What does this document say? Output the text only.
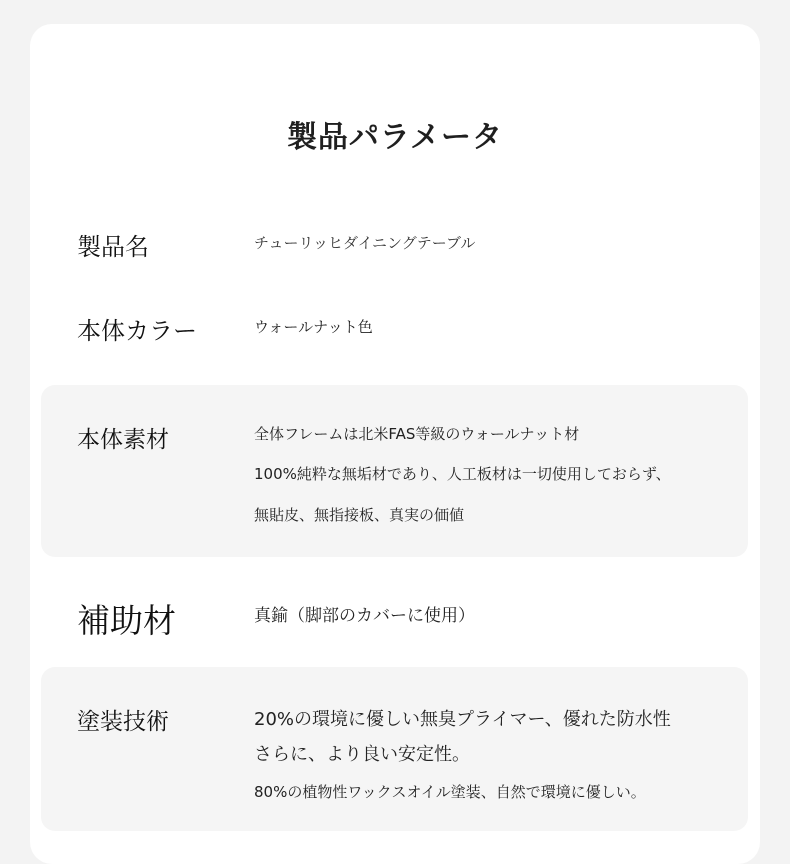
製品パラメータ
製品名	チューリッヒダイニングテーブル
本体カラー	ウォールナット色
本体素材	全体フレームは北米FAS等級のウォールナット材
100%純粋な無垢材であり、人工板材は一切使用しておらず、
無貼皮、無指接板、真実の価値
補助材	真鍮（脚部のカバーに使用）
塗装技術	20%の環境に優しい無臭プライマー、優れた防水性
さらに、より良い安定性。
80%の植物性ワックスオイル塗装、自然で環境に優しい。
